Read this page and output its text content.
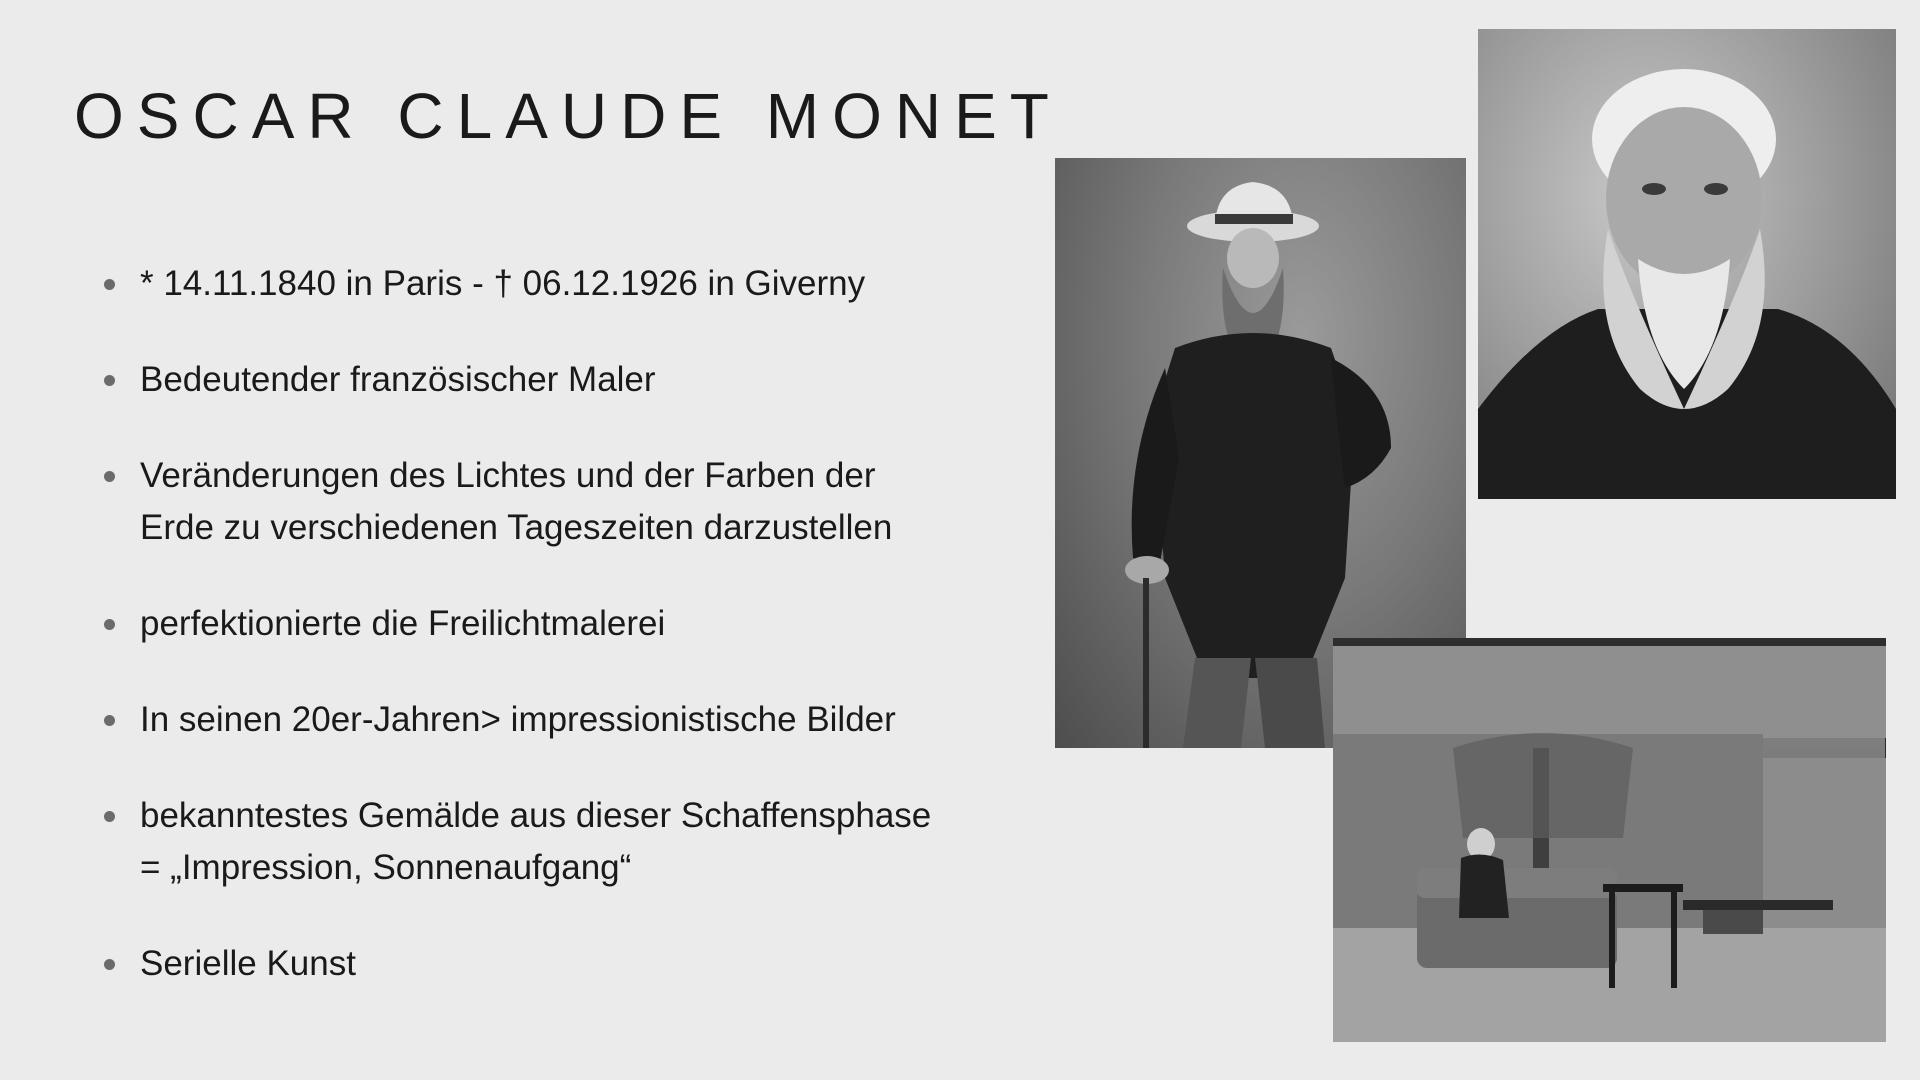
OSCAR CLAUDE MONET
* 14.11.1840 in Paris - † 06.12.1926 in Giverny
Bedeutender französischer Maler
Veränderungen des Lichtes und der Farben der
Erde zu verschiedenen Tageszeiten darzustellen
perfektionierte die Freilichtmalerei
In seinen 20er-Jahren> impressionistische Bilder
bekanntestes Gemälde aus dieser Schaffensphase
= „Impression, Sonnenaufgang“
Serielle Kunst
